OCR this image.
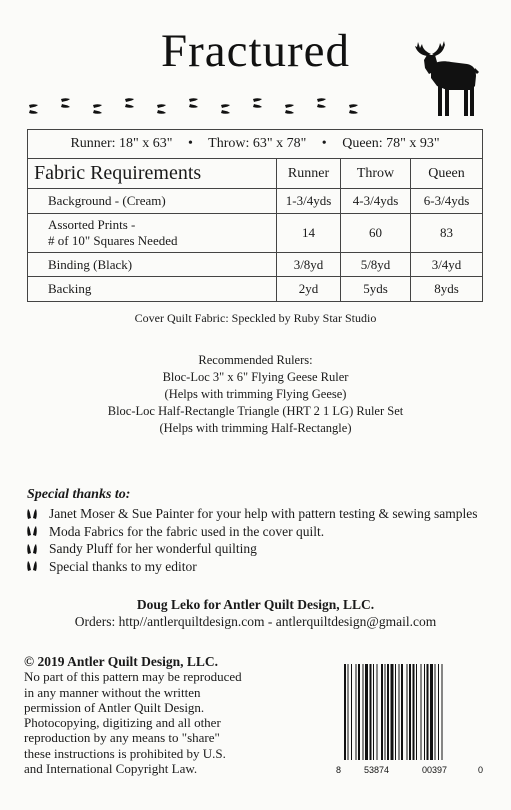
Fractured
Runner: 18" x 63" • Throw: 63" x 78" • Queen: 78" x 93"			
Fabric Requirements	Runner	Throw	Queen
Background - (Cream)	1-3/4yds	4-3/4yds	6-3/4yds

Assorted Prints -
# of 10" Squares Needed	14	60	83
Binding (Black)	3/8yd	5/8yd	3/4yd
Backing	2yd	5yds	8yds
Cover Quilt Fabric: Speckled by Ruby Star Studio
Recommended Rulers:
Bloc-Loc 3" x 6" Flying Geese Ruler
(Helps with trimming Flying Geese)
Bloc-Loc Half-Rectangle Triangle (HRT 2 1 LG) Ruler Set
(Helps with trimming Half-Rectangle)
Special thanks to:
Janet Moser & Sue Painter for your help with pattern testing & sewing samples
Moda Fabrics for the fabric used in the cover quilt.
Sandy Pluff for her wonderful quilting
Special thanks to my editor
Doug Leko for Antler Quilt Design, LLC.
Orders: http//antlerquiltdesign.com - antlerquiltdesign@gmail.com
© 2019 Antler Quilt Design, LLC.
No part of this pattern may be reproduced
in any manner without the written
permission of Antler Quilt Design.
Photocopying, digitizing and all other
reproduction by any means to "share"
these instructions is prohibited by U.S.
and International Copyright Law.	8	53874	00397	0
